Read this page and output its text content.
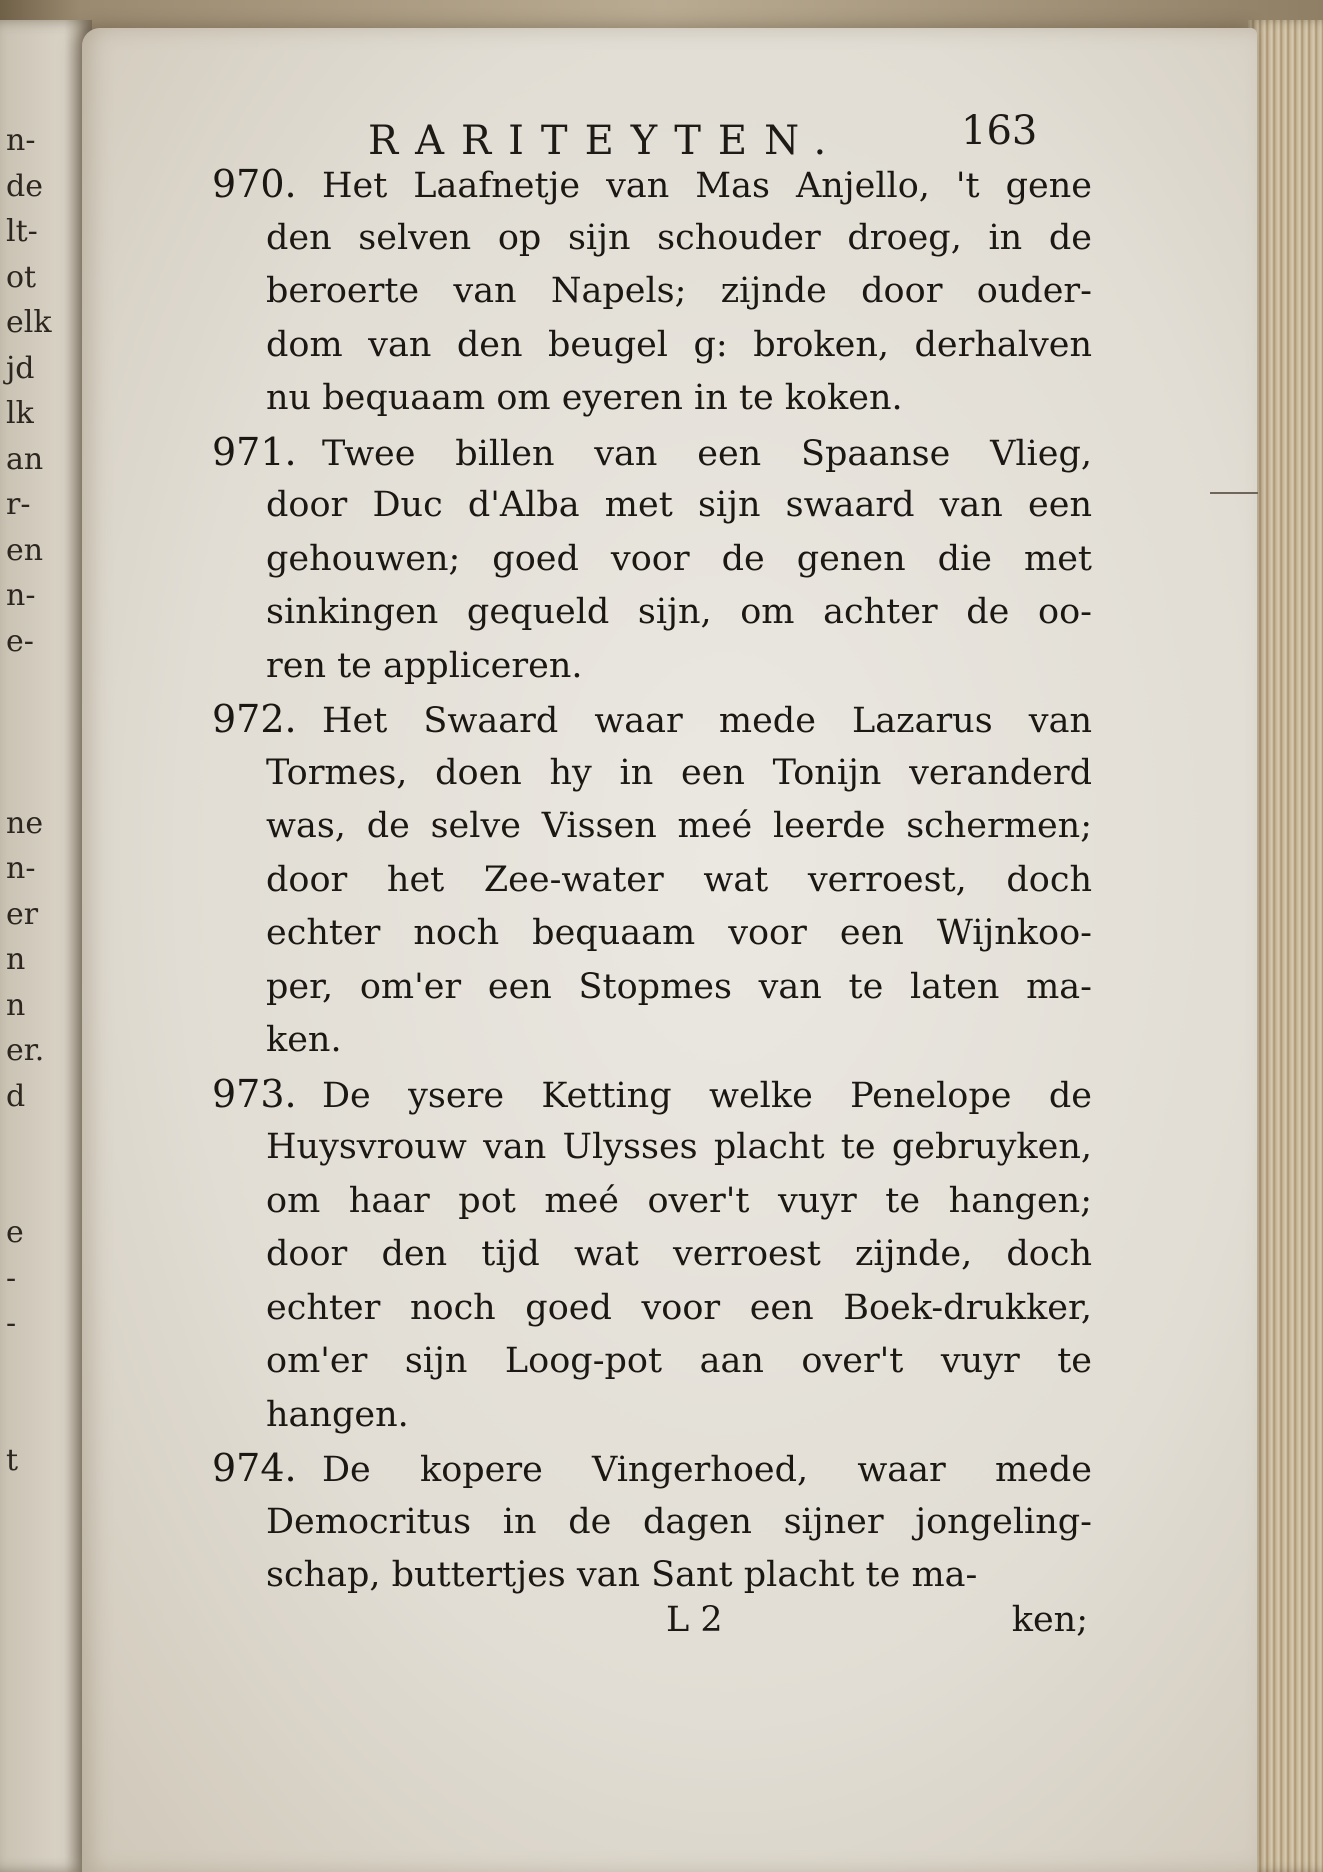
n-
de
lt-
ot
elk
jd
lk
an
r-
en
n-
e-
ne
n-
er
n
n
er.
d
e
-
-
t
RARITEYTEN.	163
970. Het Laafnetje van Mas Anjello, 't gene
den selven op sijn schouder droeg, in de
beroerte van Napels; zijnde door ouder-
dom van den beugel g: broken, derhalven
nu bequaam om eyeren in te koken.
971. Twee billen van een Spaanse Vlieg,
door Duc d'Alba met sijn swaard van een
gehouwen; goed voor de genen die met
sinkingen gequeld sijn, om achter de oo-
ren te appliceren.
972. Het Swaard waar mede Lazarus van
Tormes, doen hy in een Tonijn veranderd
was, de selve Vissen meé leerde schermen;
door het Zee-water wat verroest, doch
echter noch bequaam voor een Wijnkoo-
per, om'er een Stopmes van te laten ma-
ken.
973. De ysere Ketting welke Penelope de
Huysvrouw van Ulysses placht te gebruyken,
om haar pot meé over't vuyr te hangen;
door den tijd wat verroest zijnde, doch
echter noch goed voor een Boek-drukker,
om'er sijn Loog-pot aan over't vuyr te
hangen.
974. De kopere Vingerhoed, waar mede
Democritus in de dagen sijner jongeling-
schap, buttertjes van Sant placht te ma-
L 2	ken;
